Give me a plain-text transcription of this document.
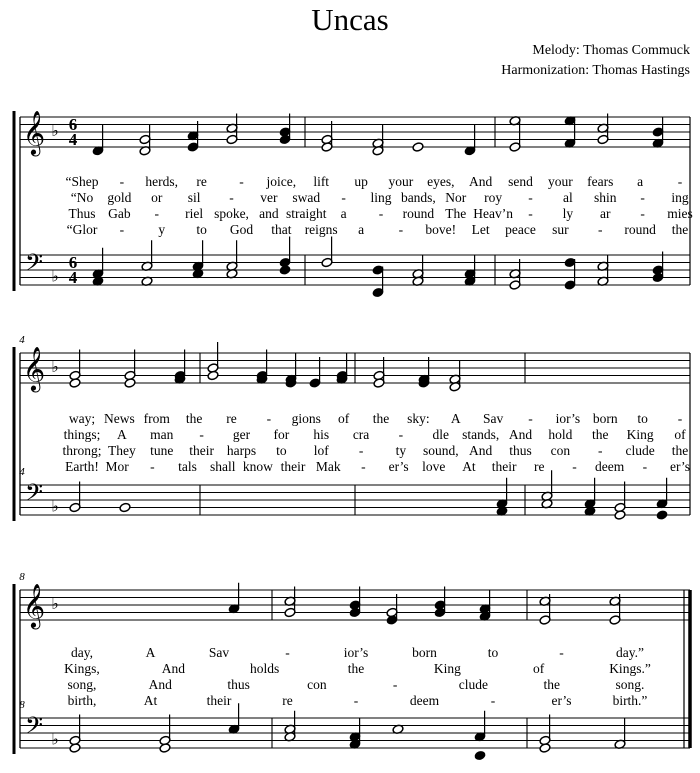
Uncas
Melody: Thomas Commuck
Harmonization: Thomas Hastings
𝄞
𝄢
♭
♭
6
4
6
4
“Shep - herds, re - joice, lift up your eyes, And send your fears a	-
“No gold or sil - ver swad - ling bands, Nor roy - al shin - ing
Thus Gab - riel spoke, and straight a - round The Heav’n - ly ar - mies
“Glor -	y to God that reigns a	- bove! Let peace sur - round the
𝄞
𝄢
♭
♭
4
4
way; News from the re - gions of the sky: A Sav - ior’s born to -
things; A man - ger for his cra - dle stands, And hold the King of
throng; They tune their harps to lof - ty sound, And thus con - clude the
Earth! Mor - tals shall know their Mak - er’s love At their re - deem - er’s
𝄞
𝄢
♭
♭
8
8
day,	A	Sav	-	ior’s	born	to	-	day.”
Kings,	And	holds	the	King	of	Kings.”
song,	And	thus	con	-	clude	the	song.
birth,	At	their	re	-	deem	-	er’s	birth.”
